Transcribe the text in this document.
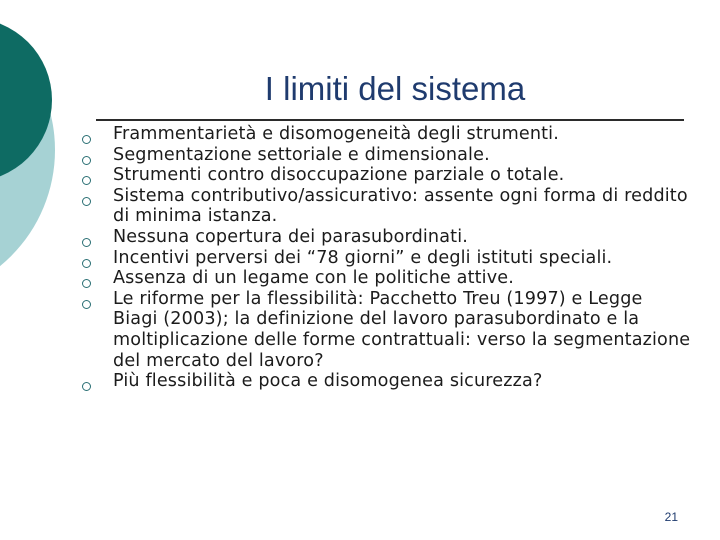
I limiti del sistema
Frammentarietà e disomogeneità degli strumenti.
Segmentazione settoriale e dimensionale.
Strumenti contro disoccupazione parziale o totale.
Sistema contributivo/assicurativo: assente ogni forma di reddito di minima istanza.
Nessuna copertura dei parasubordinati.
Incentivi perversi dei “78 giorni” e degli istituti speciali.
Assenza di un legame con le politiche attive.
Le riforme per la flessibilità: Pacchetto Treu (1997) e Legge Biagi (2003); la definizione del lavoro parasubordinato e la moltiplicazione delle forme contrattuali: verso la segmentazione del mercato del lavoro?
Più flessibilità e poca e disomogenea sicurezza?
21
